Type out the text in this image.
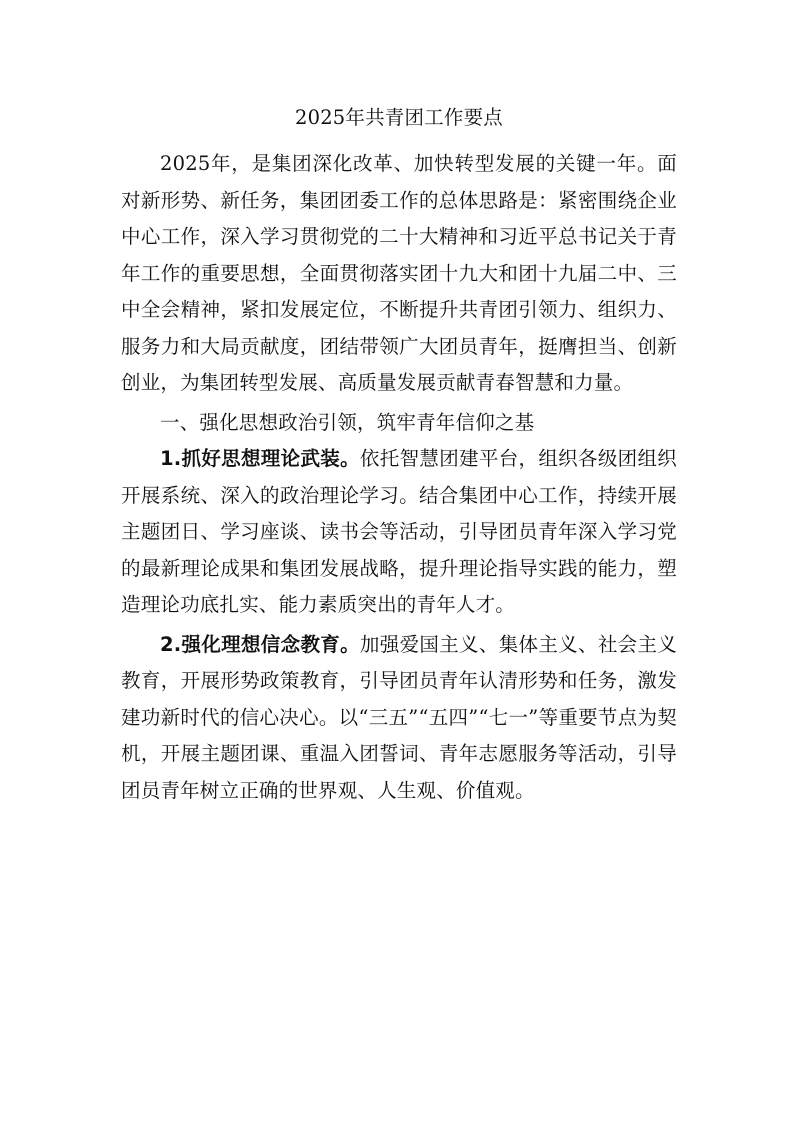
2025年共青团工作要点

2025年，是集团深化改革、加快转型发展的关键一年。面对新形势、新任务，集团团委工作的总体思路是：紧密围绕企业中心工作，深入学习贯彻党的二十大精神和习近平总书记关于青年工作的重要思想，全面贯彻落实团十九大和团十九届二中、三中全会精神，紧扣发展定位，不断提升共青团引领力、组织力、服务力和大局贡献度，团结带领广大团员青年，挺膺担当、创新创业，为集团转型发展、高质量发展贡献青春智慧和力量。

一、强化思想政治引领，筑牢青年信仰之基

1.抓好思想理论武装。依托智慧团建平台，组织各级团组织开展系统、深入的政治理论学习。结合集团中心工作，持续开展主题团日、学习座谈、读书会等活动，引导团员青年深入学习党的最新理论成果和集团发展战略，提升理论指导实践的能力，塑造理论功底扎实、能力素质突出的青年人才。

2.强化理想信念教育。加强爱国主义、集体主义、社会主义教育，开展形势政策教育，引导团员青年认清形势和任务，激发建功新时代的信心决心。以“三五”“五四”“七一”等重要节点为契机，开展主题团课、重温入团誓词、青年志愿服务等活动，引导团员青年树立正确的世界观、人生观、价值观。
